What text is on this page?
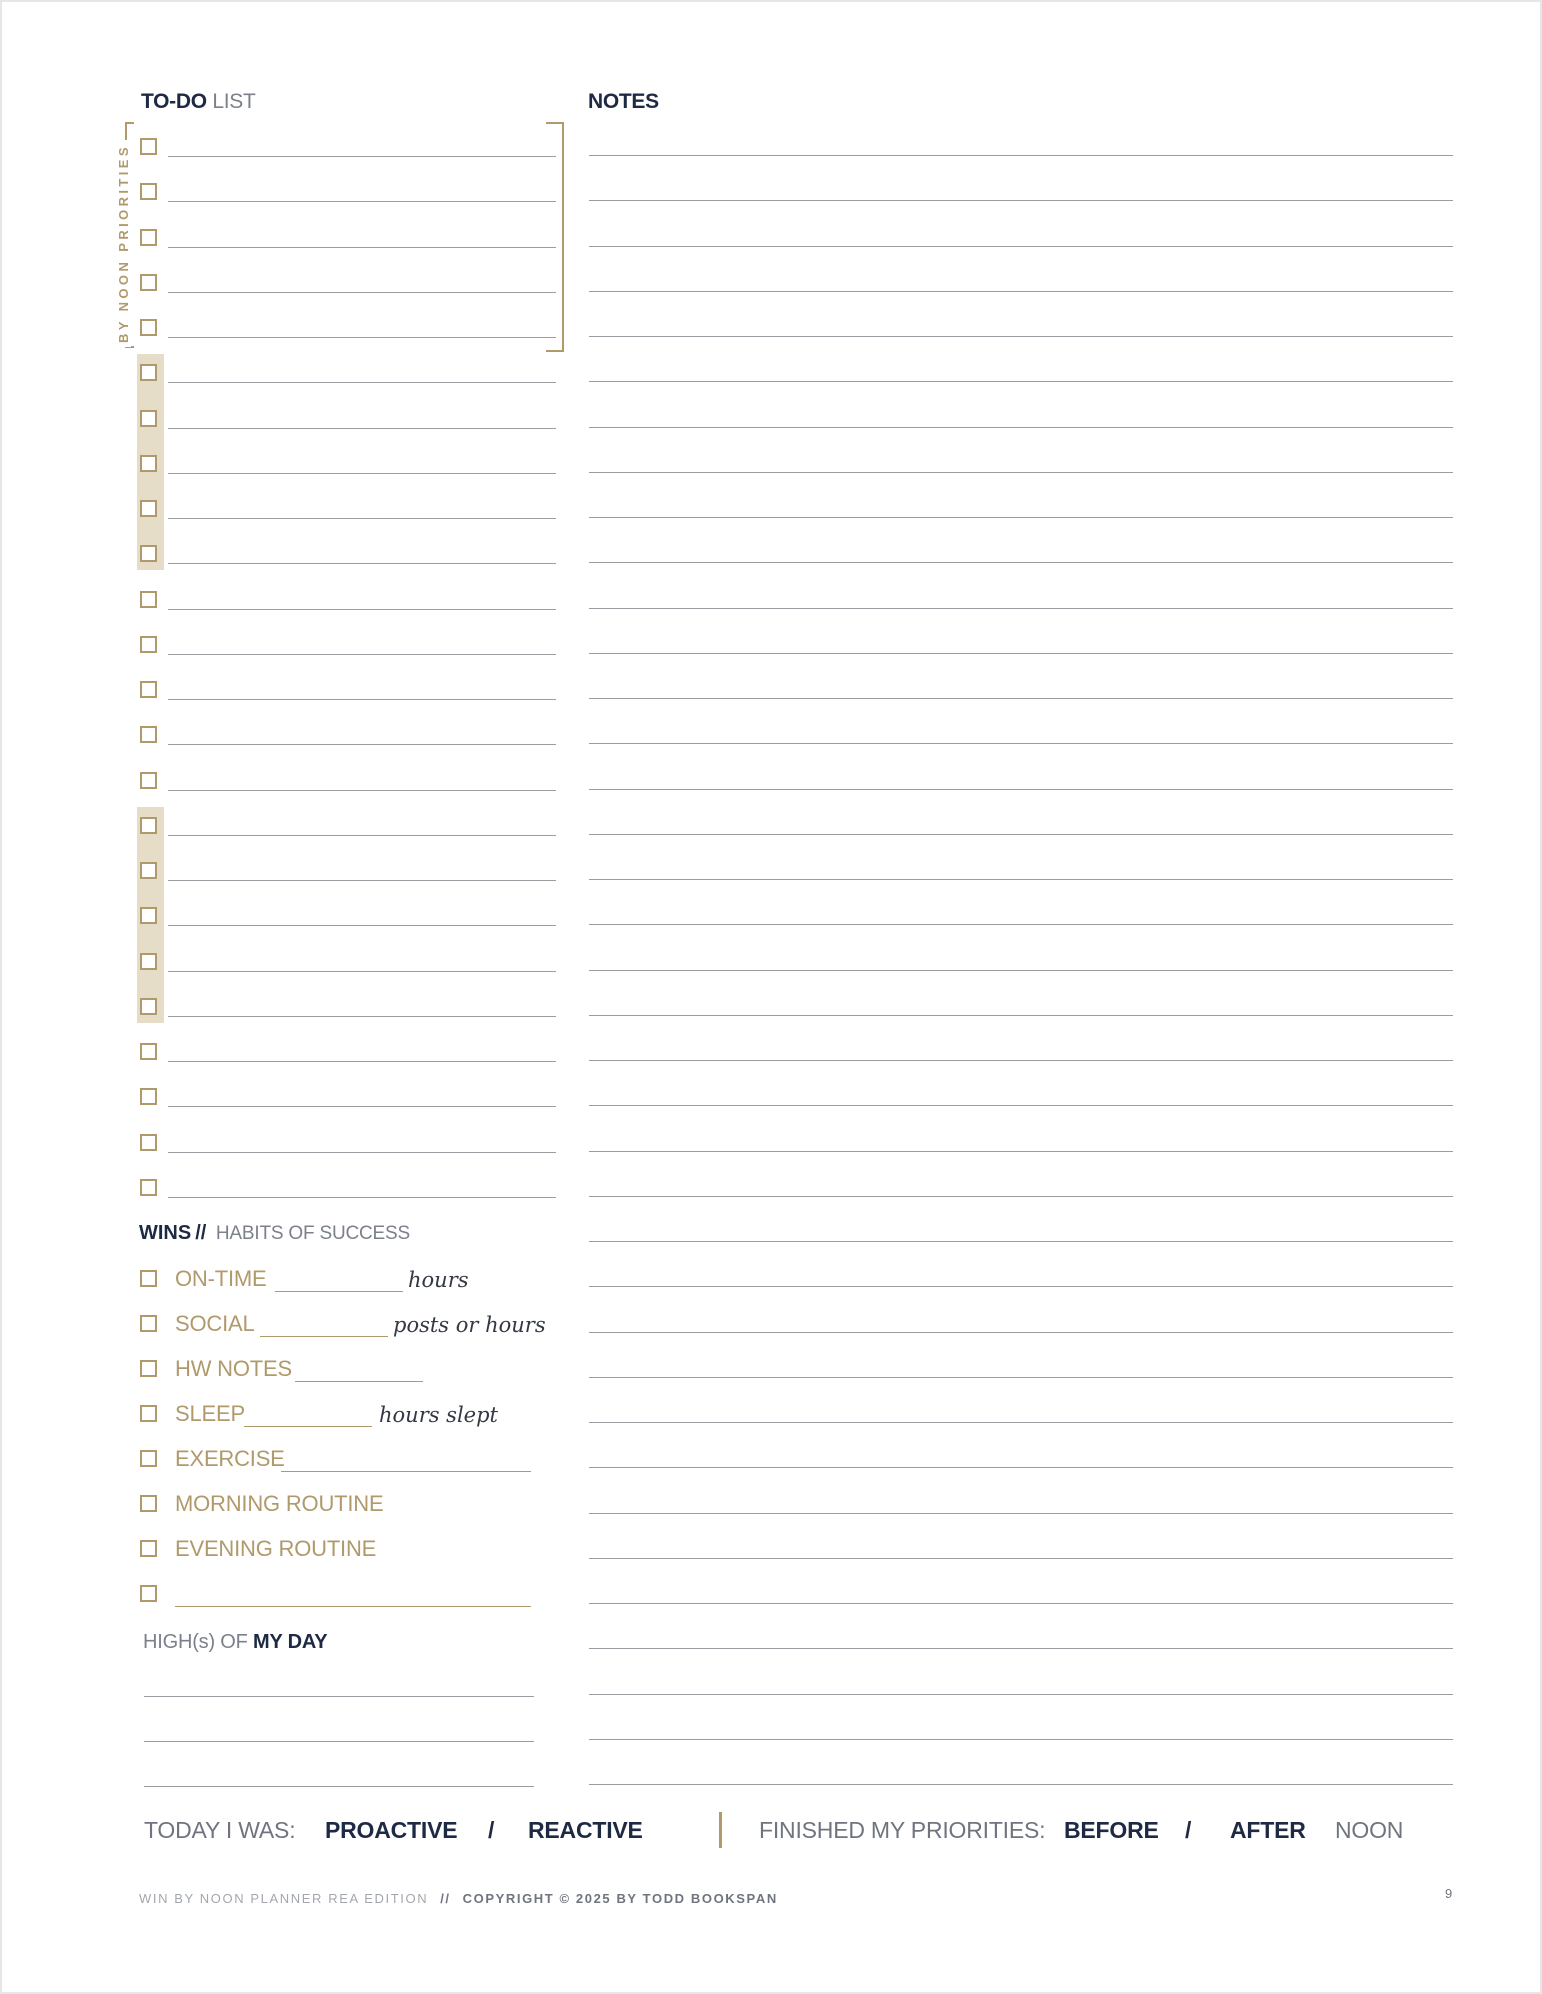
TO-DO LIST	NOTES
BY NOON PRIORITIES
WINS // HABITS OF SUCCESS
ON-TIME	hours
SOCIAL	posts or hours
HW NOTES
SLEEP	hours slept
EXERCISE
MORNING ROUTINE
EVENING ROUTINE
HIGH(s) OF MY DAY
TODAY I WAS: PROACTIVE / REACTIVE	FINISHED MY PRIORITIES: BEFORE / AFTER NOON
WIN BY NOON PLANNER REA EDITION // COPYRIGHT © 2025 BY TODD BOOKSPAN	9
